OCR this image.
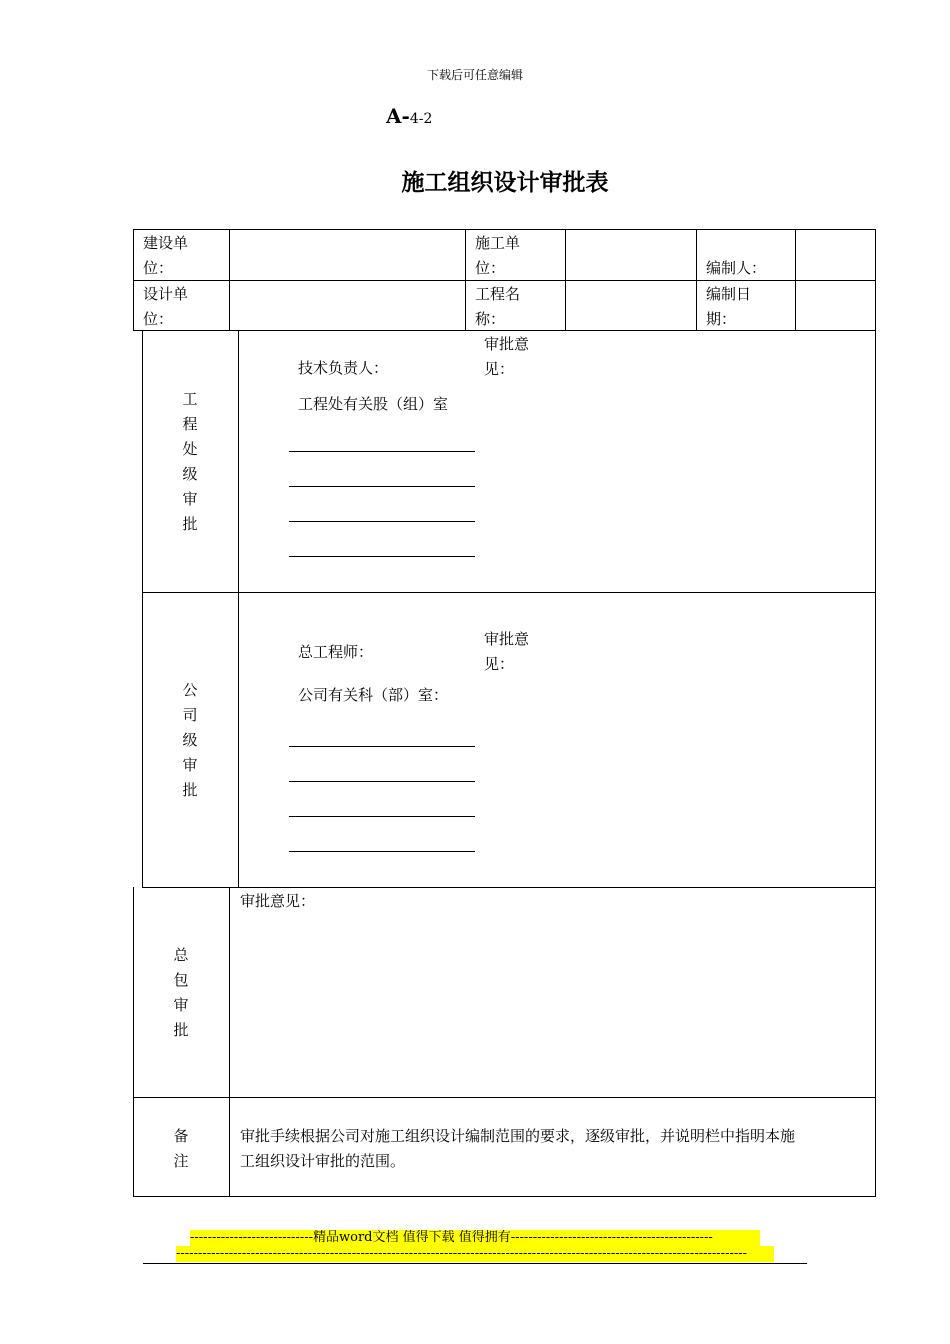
下载后可任意编辑
A-4-2
施工组织设计审批表
建设单
位：
施工单
位：	编制人：
设计单
位：
工程名
称：
编制日
期：
工
程
处
级
审
批
技术负责人：
工程处有关股（组）室
审批意
见：
公
司
级
审
批
总工程师：
公司有关科（部）室：
审批意
见：
总
包
审
批
审批意见：
备
注
审批手续根据公司对施工组织设计编制范围的要求，逐级审批，并说明栏中指明本施
工组织设计审批的范围。
----------------------------精品word文档 值得下载 值得拥有----------------------------------------------
----------------------------------------------------------------------------------------------------------------------------------
